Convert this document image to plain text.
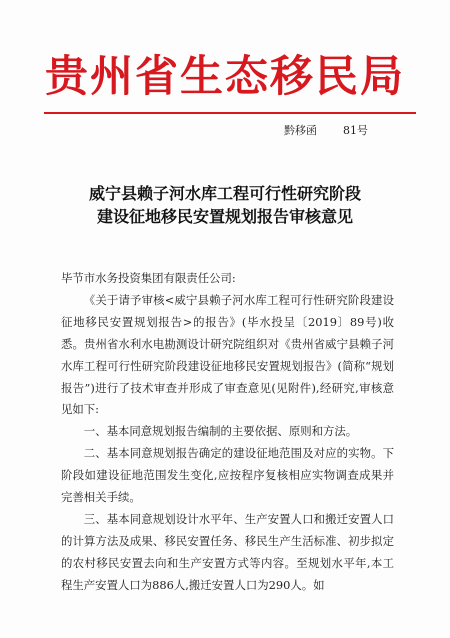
贵州省生态移民局
黔移函 81号
威宁县赖子河水库工程可行性研究阶段
建设征地移民安置规划报告审核意见

毕节市水务投资集团有限责任公司:

《关于请予审核<威宁县赖子河水库工程可行性研究阶段建设征地移民安置规划报告>的报告》(毕水投呈〔2019〕89号)收悉。贵州省水利水电勘测设计研究院组织对《贵州省威宁县赖子河水库工程可行性研究阶段建设征地移民安置规划报告》(简称“规划报告”)进行了技术审查并形成了审查意见(见附件),经研究,审核意见如下:

一、基本同意规划报告编制的主要依据、原则和方法。

二、基本同意规划报告确定的建设征地范围及对应的实物。下阶段如建设征地范围发生变化,应按程序复核相应实物调查成果并完善相关手续。

三、基本同意规划设计水平年、生产安置人口和搬迁安置人口的计算方法及成果、移民安置任务、移民生产生活标准、初步拟定的农村移民安置去向和生产安置方式等内容。至规划水平年,本工程生产安置人口为886人,搬迁安置人口为290人。如
